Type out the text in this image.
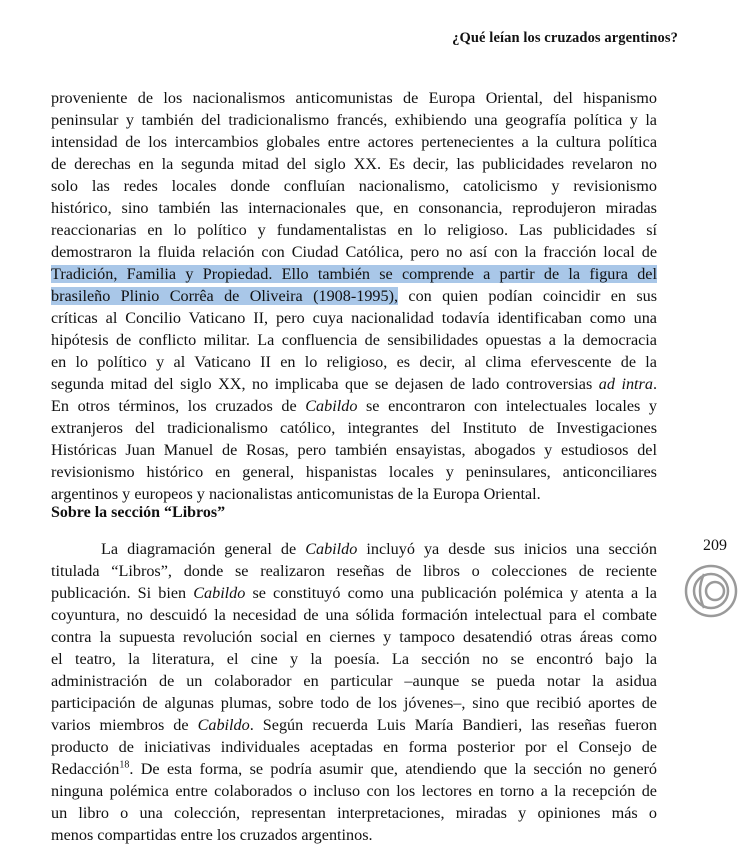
¿Qué leían los cruzados argentinos?
proveniente de los nacionalismos anticomunistas de Europa Oriental, del hispanismo
peninsular y también del tradicionalismo francés, exhibiendo una geografía política y la
intensidad de los intercambios globales entre actores pertenecientes a la cultura política
de derechas en la segunda mitad del siglo XX. Es decir, las publicidades revelaron no
solo las redes locales donde confluían nacionalismo, catolicismo y revisionismo
histórico, sino también las internacionales que, en consonancia, reprodujeron miradas
reaccionarias en lo político y fundamentalistas en lo religioso. Las publicidades sí
demostraron la fluida relación con Ciudad Católica, pero no así con la fracción local de
Tradición, Familia y Propiedad. Ello también se comprende a partir de la figura del
brasileño Plinio Corrêa de Oliveira (1908-1995), con quien podían coincidir en sus
críticas al Concilio Vaticano II, pero cuya nacionalidad todavía identificaban como una
hipótesis de conflicto militar. La confluencia de sensibilidades opuestas a la democracia
en lo político y al Vaticano II en lo religioso, es decir, al clima efervescente de la
segunda mitad del siglo XX, no implicaba que se dejasen de lado controversias ad intra.
En otros términos, los cruzados de Cabildo se encontraron con intelectuales locales y
extranjeros del tradicionalismo católico, integrantes del Instituto de Investigaciones
Históricas Juan Manuel de Rosas, pero también ensayistas, abogados y estudiosos del
revisionismo histórico en general, hispanistas locales y peninsulares, anticonciliares
argentinos y europeos y nacionalistas anticomunistas de la Europa Oriental.
Sobre la sección “Libros”
La diagramación general de Cabildo incluyó ya desde sus inicios una sección
titulada “Libros”, donde se realizaron reseñas de libros o colecciones de reciente
publicación. Si bien Cabildo se constituyó como una publicación polémica y atenta a la
coyuntura, no descuidó la necesidad de una sólida formación intelectual para el combate
contra la supuesta revolución social en ciernes y tampoco desatendió otras áreas como
el teatro, la literatura, el cine y la poesía. La sección no se encontró bajo la
administración de un colaborador en particular –aunque se pueda notar la asidua
participación de algunas plumas, sobre todo de los jóvenes–, sino que recibió aportes de
varios miembros de Cabildo. Según recuerda Luis María Bandieri, las reseñas fueron
producto de iniciativas individuales aceptadas en forma posterior por el Consejo de
Redacción$^{18}$. De esta forma, se podría asumir que, atendiendo que la sección no generó
ninguna polémica entre colaborados o incluso con los lectores en torno a la recepción de
un libro o una colección, representan interpretaciones, miradas y opiniones más o
menos compartidas entre los cruzados argentinos.
209
